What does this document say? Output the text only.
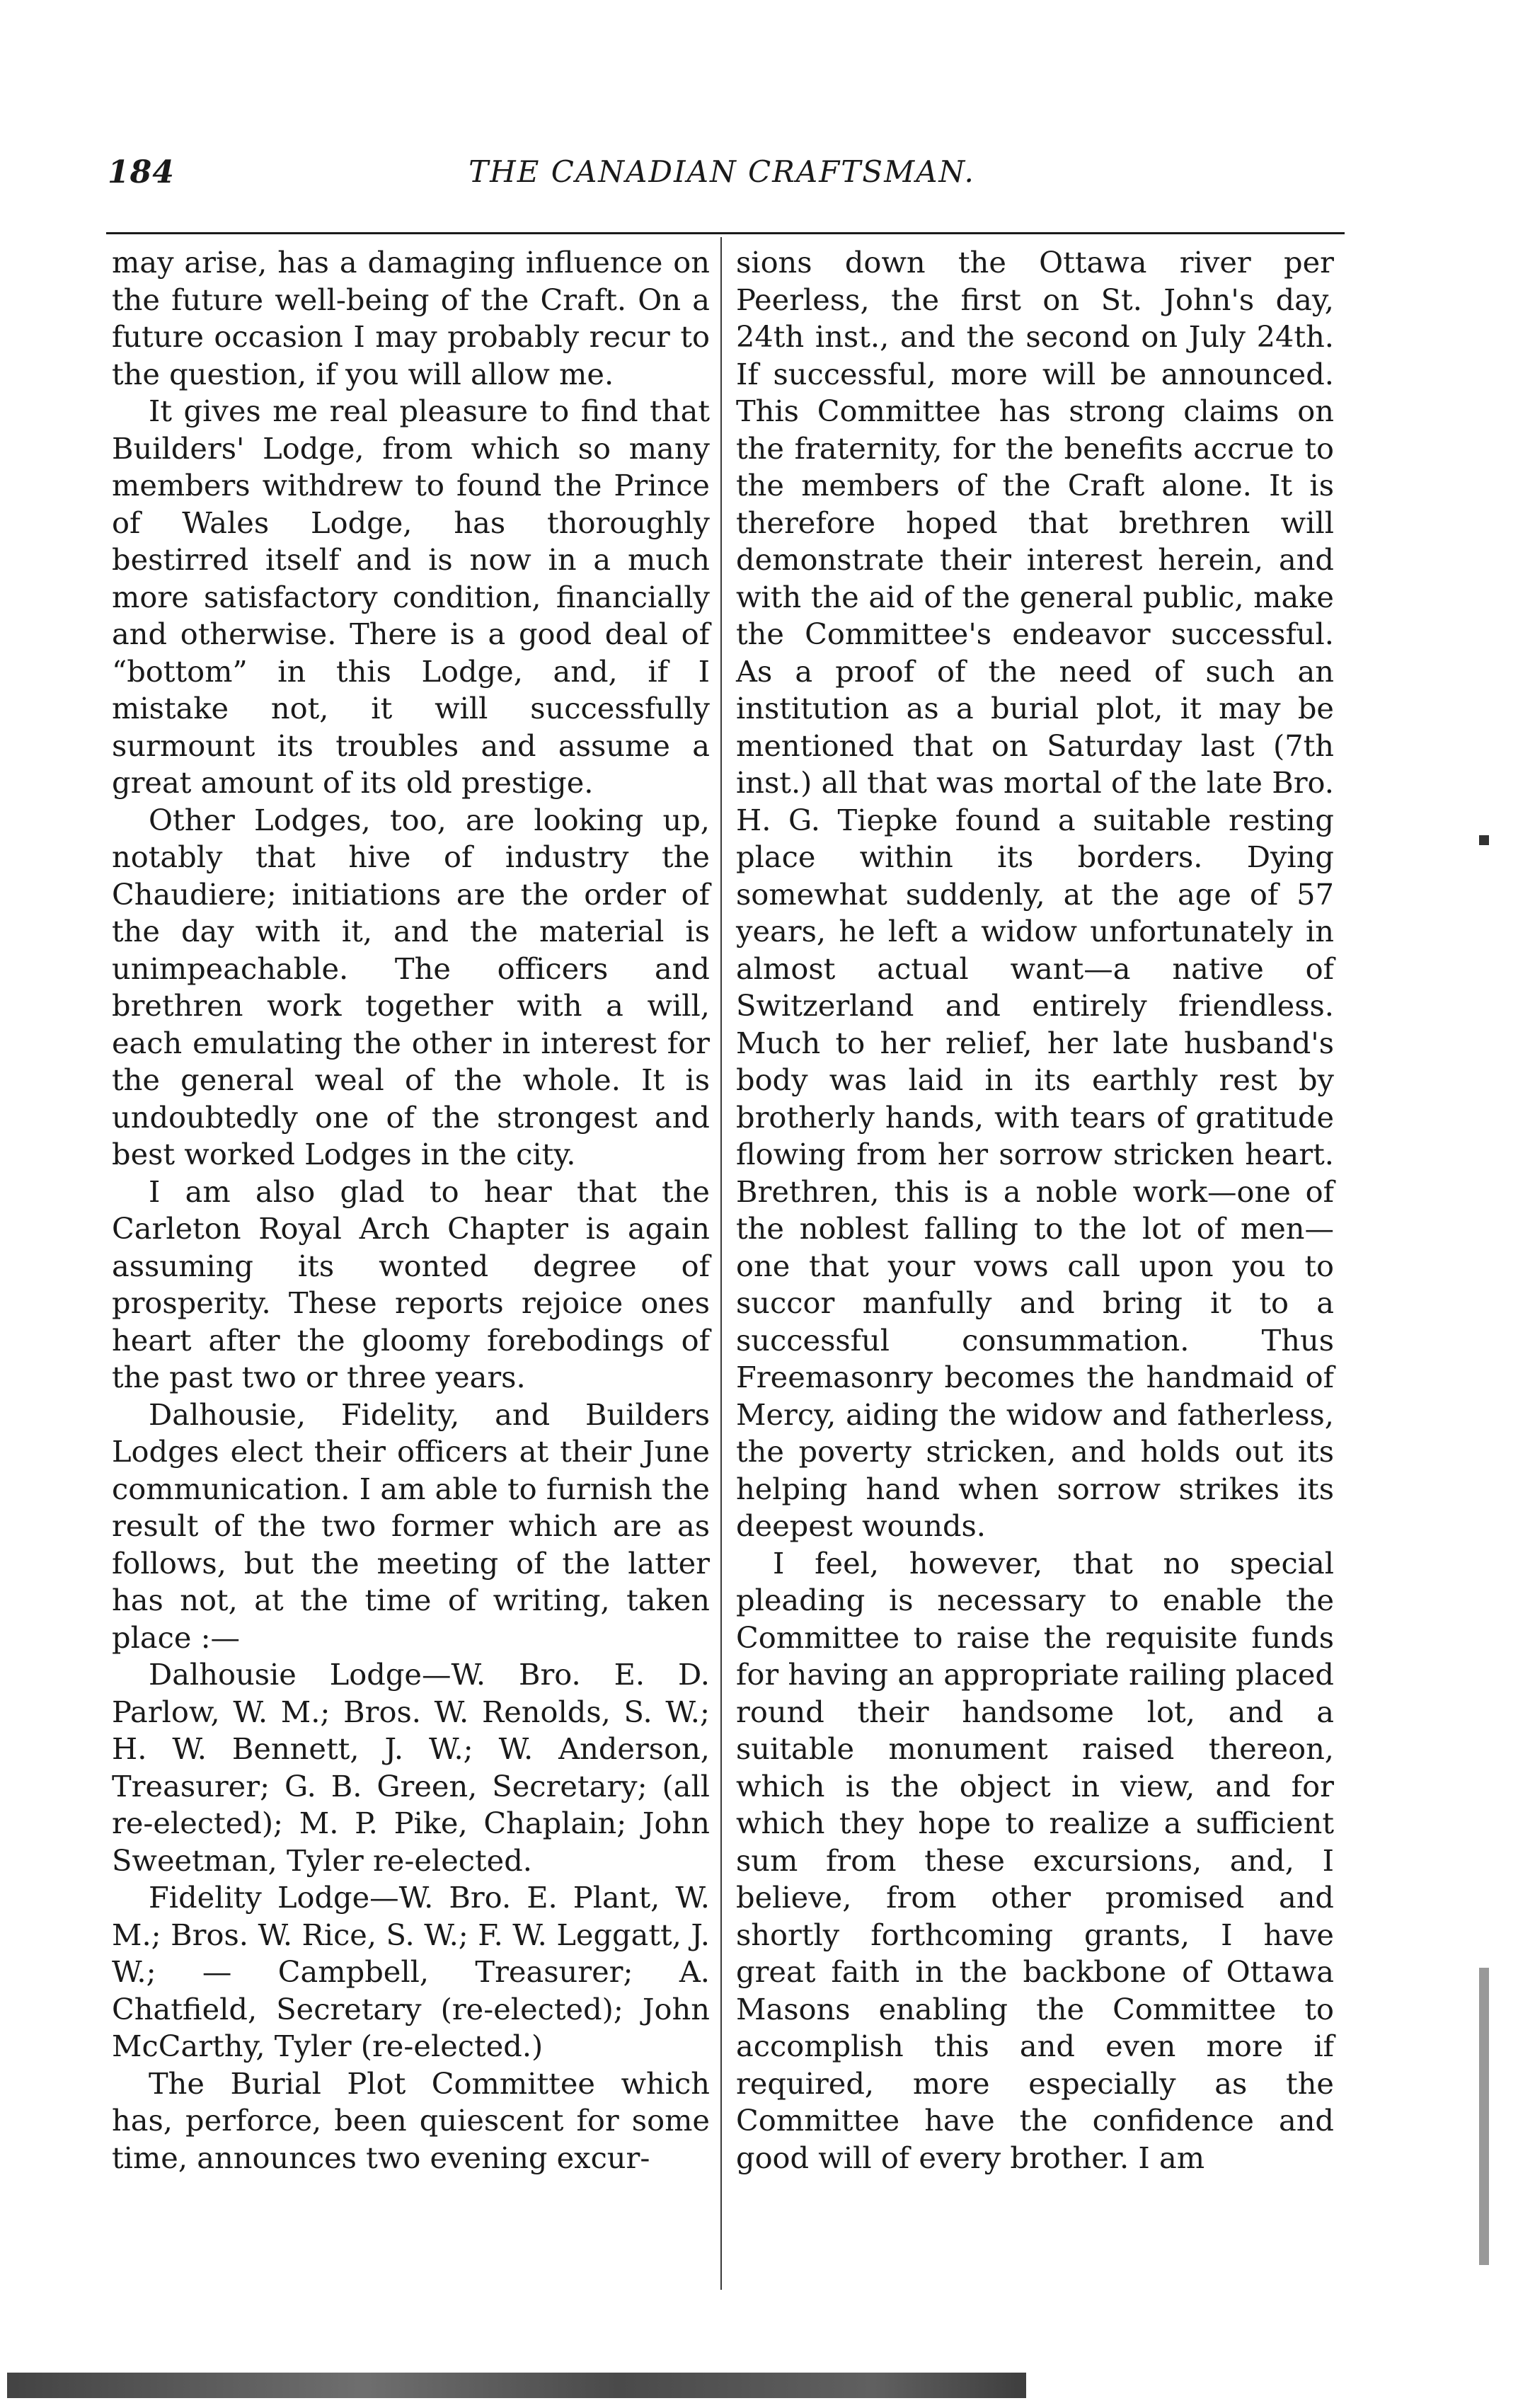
184	THE CANADIAN CRAFTSMAN.

may arise, has a damaging influence on the future well-being of the Craft. On a future occasion I may probably recur to the question, if you will allow me.

It gives me real pleasure to find that Builders' Lodge, from which so many members withdrew to found the Prince of Wales Lodge, has thoroughly bestirred itself and is now in a much more satisfactory condition, financially and otherwise. There is a good deal of “bottom” in this Lodge, and, if I mistake not, it will successfully surmount its troubles and assume a great amount of its old prestige.

Other Lodges, too, are looking up, notably that hive of industry the Chaudiere; initiations are the order of the day with it, and the material is unimpeachable. The officers and brethren work together with a will, each emulating the other in interest for the general weal of the whole. It is undoubtedly one of the strongest and best worked Lodges in the city.

I am also glad to hear that the Carleton Royal Arch Chapter is again assuming its wonted degree of prosperity. These reports rejoice ones heart after the gloomy forebodings of the past two or three years.

Dalhousie, Fidelity, and Builders Lodges elect their officers at their June communication. I am able to furnish the result of the two former which are as follows, but the meeting of the latter has not, at the time of writing, taken place :—

Dalhousie Lodge—W. Bro. E. D. Parlow, W. M.; Bros. W. Renolds, S. W.; H. W. Bennett, J. W.; W. Anderson, Treasurer; G. B. Green, Secretary; (all re-elected); M. P. Pike, Chaplain; John Sweetman, Tyler re-elected.

Fidelity Lodge—W. Bro. E. Plant, W. M.; Bros. W. Rice, S. W.; F. W. Leggatt, J. W.; — Campbell, Treasurer; A. Chatfield, Secretary (re-elected); John McCarthy, Tyler (re-elected.)

The Burial Plot Committee which has, perforce, been quiescent for some time, announces two evening excur-

sions down the Ottawa river per Peerless, the first on St. John's day, 24th inst., and the second on July 24th. If successful, more will be announced. This Committee has strong claims on the fraternity, for the benefits accrue to the members of the Craft alone. It is therefore hoped that brethren will demonstrate their interest herein, and with the aid of the general public, make the Committee's endeavor successful. As a proof of the need of such an institution as a burial plot, it may be mentioned that on Saturday last (7th inst.) all that was mortal of the late Bro. H. G. Tiepke found a suitable resting place within its borders. Dying somewhat suddenly, at the age of 57 years, he left a widow unfortunately in almost actual want—a native of Switzerland and entirely friendless. Much to her relief, her late husband's body was laid in its earthly rest by brotherly hands, with tears of gratitude flowing from her sorrow stricken heart. Brethren, this is a noble work—one of the noblest falling to the lot of men—one that your vows call upon you to succor manfully and bring it to a successful consummation. Thus Freemasonry becomes the handmaid of Mercy, aiding the widow and fatherless, the poverty stricken, and holds out its helping hand when sorrow strikes its deepest wounds.

I feel, however, that no special pleading is necessary to enable the Committee to raise the requisite funds for having an appropriate railing placed round their handsome lot, and a suitable monument raised thereon, which is the object in view, and for which they hope to realize a sufficient sum from these excursions, and, I believe, from other promised and shortly forthcoming grants, I have great faith in the backbone of Ottawa Masons enabling the Committee to accomplish this and even more if required, more especially as the Committee have the confidence and good will of every brother. I am
